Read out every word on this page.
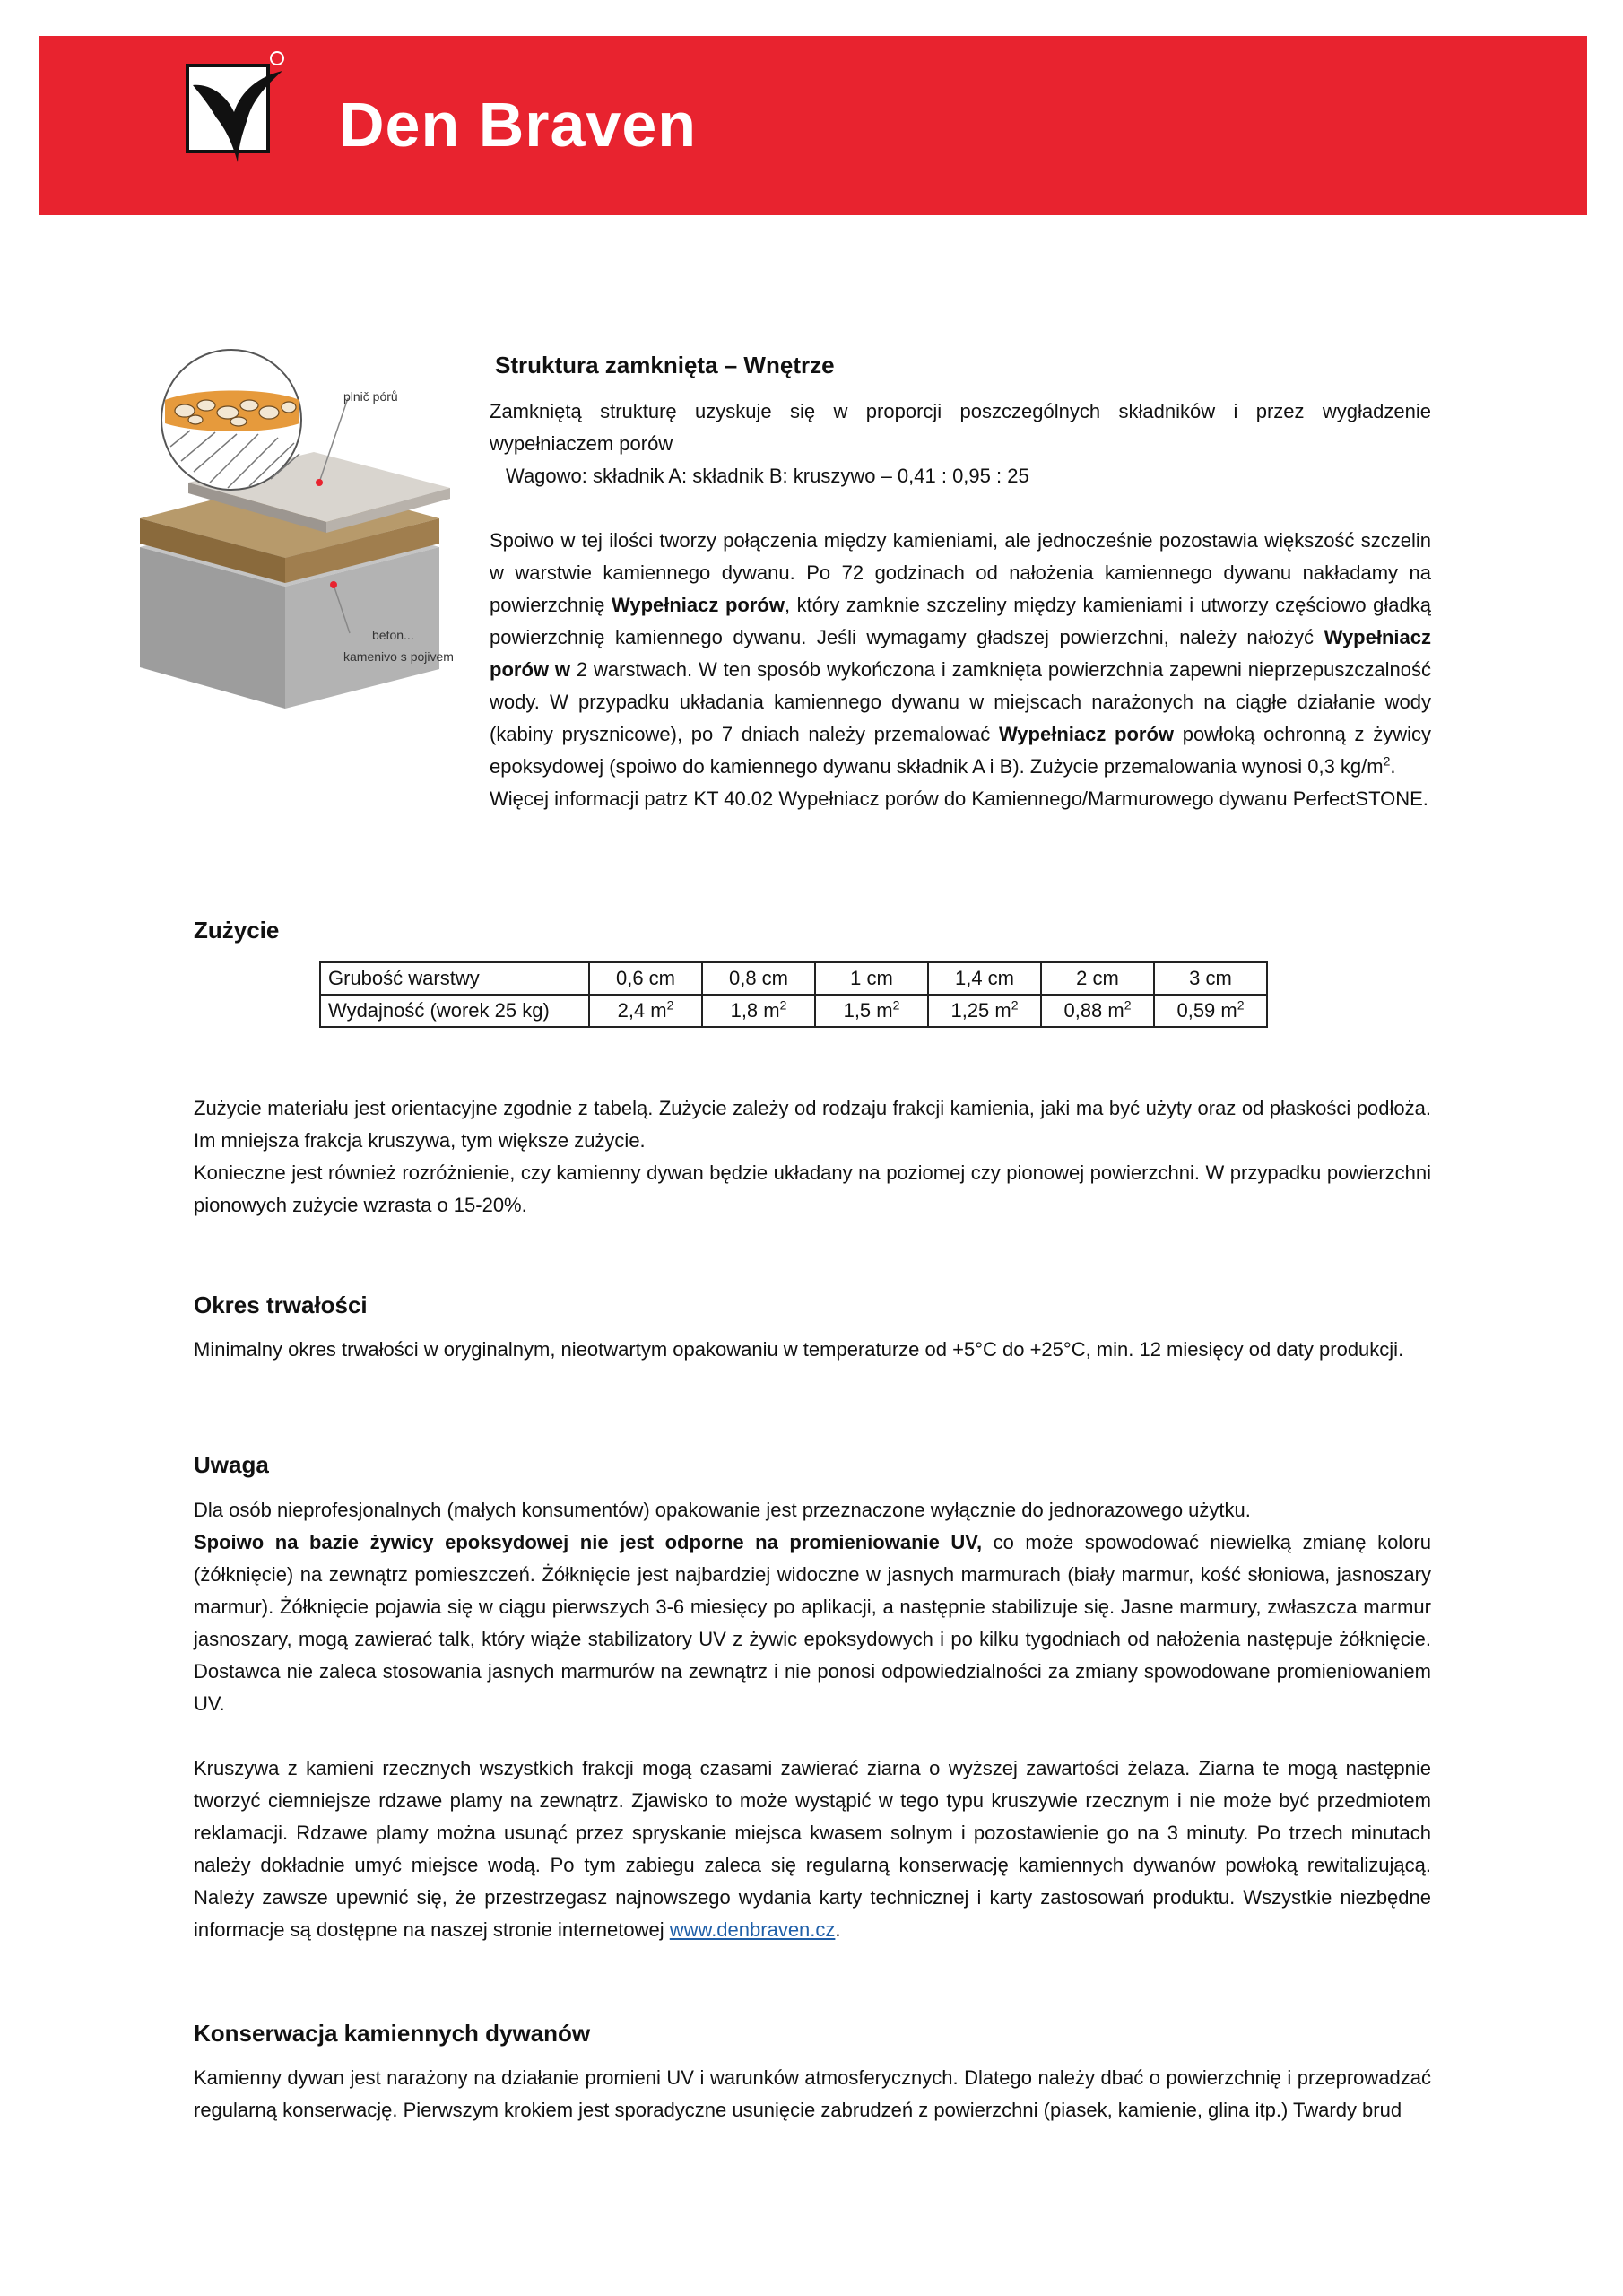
Den Braven
Struktura zamknięta – Wnętrze
plnič pórů
beton...
kamenivo s pojivem

Zamkniętą strukturę uzyskuje się w proporcji poszczególnych składników i przez wygładzenie wypełniaczem porów

Wagowo: składnik A: składnik B: kruszywo – 0,41 : 0,95 : 25

Spoiwo w tej ilości tworzy połączenia między kamieniami, ale jednocześnie pozostawia większość szczelin w warstwie kamiennego dywanu. Po 72 godzinach od nałożenia kamiennego dywanu nakładamy na powierzchnię Wypełniacz porów, który zamknie szczeliny między kamieniami i utworzy częściowo gładką powierzchnię kamiennego dywanu. Jeśli wymagamy gładszej powierzchni, należy nałożyć Wypełniacz porów w 2 warstwach. W ten sposób wykończona i zamknięta powierzchnia zapewni nieprzepuszczalność wody. W przypadku układania kamiennego dywanu w miejscach narażonych na ciągłe działanie wody (kabiny prysznicowe), po 7 dniach należy przemalować Wypełniacz porów powłoką ochronną z żywicy epoksydowej (spoiwo do kamiennego dywanu składnik A i B). Zużycie przemalowania wynosi 0,3 $kg/m^2$.

Więcej informacji patrz KT 40.02 Wypełniacz porów do Kamiennego/Marmurowego dywanu PerfectSTONE.

Zużycie
Grubość warstwy	0,6 cm	0,8 cm	1 cm	1,4 cm	2 cm	3 cm
Wydajność (worek 25 kg)	2,4 $m^2$	1,8 $m^2$	1,5 $m^2$	1,25 $m^2$	0,88 $m^2$	0,59 $m^2$

Zużycie materiału jest orientacyjne zgodnie z tabelą. Zużycie zależy od rodzaju frakcji kamienia, jaki ma być użyty oraz od płaskości podłoża. Im mniejsza frakcja kruszywa, tym większe zużycie.

Konieczne jest również rozróżnienie, czy kamienny dywan będzie układany na poziomej czy pionowej powierzchni. W przypadku powierzchni pionowych zużycie wzrasta o 15-20%.

Okres trwałości
Minimalny okres trwałości w oryginalnym, nieotwartym opakowaniu w temperaturze od +5°C do +25°C, min. 12 miesięcy od daty produkcji.
Uwaga

Dla osób nieprofesjonalnych (małych konsumentów) opakowanie jest przeznaczone wyłącznie do jednorazowego użytku.

Spoiwo na bazie żywicy epoksydowej nie jest odporne na promieniowanie UV, co może spowodować niewielką zmianę koloru (żółknięcie) na zewnątrz pomieszczeń. Żółknięcie jest najbardziej widoczne w jasnych marmurach (biały marmur, kość słoniowa, jasnoszary marmur). Żółknięcie pojawia się w ciągu pierwszych 3-6 miesięcy po aplikacji, a następnie stabilizuje się. Jasne marmury, zwłaszcza marmur jasnoszary, mogą zawierać talk, który wiąże stabilizatory UV z żywic epoksydowych i po kilku tygodniach od nałożenia następuje żółknięcie. Dostawca nie zaleca stosowania jasnych marmurów na zewnątrz i nie ponosi odpowiedzialności za zmiany spowodowane promieniowaniem UV.

Kruszywa z kamieni rzecznych wszystkich frakcji mogą czasami zawierać ziarna o wyższej zawartości żelaza. Ziarna te mogą następnie tworzyć ciemniejsze rdzawe plamy na zewnątrz. Zjawisko to może wystąpić w tego typu kruszywie rzecznym i nie może być przedmiotem reklamacji. Rdzawe plamy można usunąć przez spryskanie miejsca kwasem solnym i pozostawienie go na 3 minuty. Po trzech minutach należy dokładnie umyć miejsce wodą. Po tym zabiegu zaleca się regularną konserwację kamiennych dywanów powłoką rewitalizującą. Należy zawsze upewnić się, że przestrzegasz najnowszego wydania karty technicznej i karty zastosowań produktu. Wszystkie niezbędne informacje są dostępne na naszej stronie internetowej www.denbraven.cz.

Konserwacja kamiennych dywanów
Kamienny dywan jest narażony na działanie promieni UV i warunków atmosferycznych. Dlatego należy dbać o powierzchnię i przeprowadzać regularną konserwację. Pierwszym krokiem jest sporadyczne usunięcie zabrudzeń z powierzchni (piasek, kamienie, glina itp.) Twardy brud
